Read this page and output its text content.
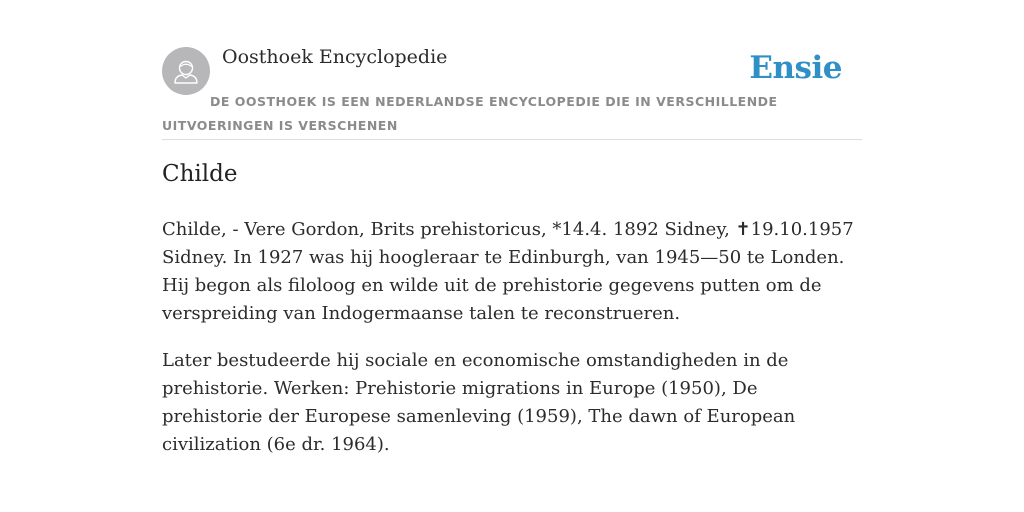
Oosthoek Encyclopedie	Ensie
DE OOSTHOEK IS EEN NEDERLANDSE ENCYCLOPEDIE DIE IN VERSCHILLENDE UITVOERINGEN IS VERSCHENEN
Childe

Childe, - Vere Gordon, Brits prehistoricus, *14.4. 1892 Sidney, ✝19.10.1957 Sidney. In 1927 was hij hoogleraar te Edinburgh, van 1945—50 te Londen. Hij begon als filoloog en wilde uit de prehistorie gegevens putten om de verspreiding van Indogermaanse talen te reconstrueren.

Later bestudeerde hij sociale en economische omstandigheden in de prehistorie. Werken: Prehistorie migrations in Europe (1950), De prehistorie der Europese samenleving (1959), The dawn of European civilization (6e dr. 1964).
